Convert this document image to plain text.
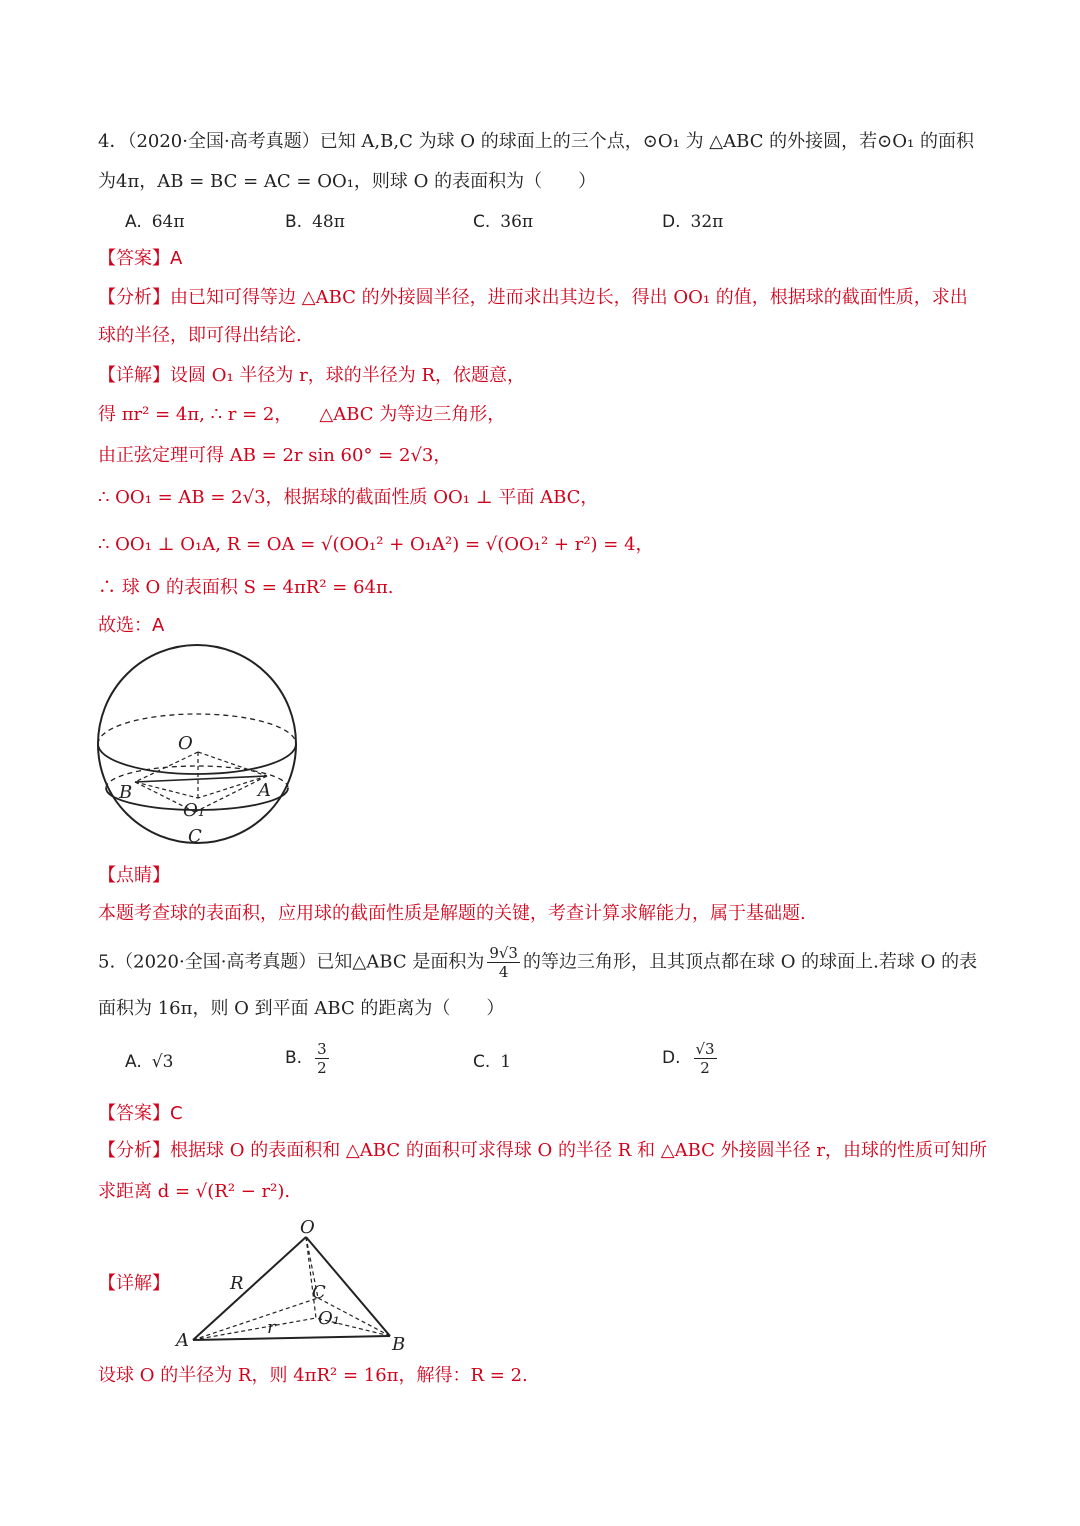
4．（2020·全国·高考真题）已知 A,B,C 为球 O 的球面上的三个点，⊙O₁ 为 △ABC 的外接圆，若⊙O₁ 的面积
为4π，AB = BC = AC = OO₁，则球 O 的表面积为（　　）
A. 64π	B. 48π	C. 36π	D. 32π
【答案】A
【分析】由已知可得等边 △ABC 的外接圆半径，进而求出其边长，得出 OO₁ 的值，根据球的截面性质，求出
球的半径，即可得出结论.
【详解】设圆 O₁ 半径为 r，球的半径为 R，依题意，
得 πr² = 4π, ∴ r = 2，　　△ABC 为等边三角形，
由正弦定理可得 AB = 2r sin 60° = 2√3，
∴ OO₁ = AB = 2√3，根据球的截面性质 OO₁ ⊥ 平面 ABC，
∴ OO₁ ⊥ O₁A, R = OA = √(OO₁² + O₁A²) = √(OO₁² + r²) = 4，
∴ 球 O 的表面积 S = 4πR² = 64π.
故选：A
O
B	A
O₁
C
【点睛】
本题考查球的表面积，应用球的截面性质是解题的关键，考查计算求解能力，属于基础题.
5.（2020·全国·高考真题）已知△ABC 是面积为 $\frac{9√3}{4}$ 的等边三角形，且其顶点都在球 O 的球面上.若球 O 的表
面积为 16π，则 O 到平面 ABC 的距离为（　　）
A. √3	B. $\frac{3}{2}$	C. 1	D. $\frac{√3}{2}$
【答案】C
【分析】根据球 O 的表面积和 △ABC 的面积可求得球 O 的半径 R 和 △ABC 外接圆半径 r，由球的性质可知所
求距离 d = √(R² − r²).
【详解】
O
R	C
r O₁
A	B
设球 O 的半径为 R，则 4πR² = 16π，解得：R = 2.
